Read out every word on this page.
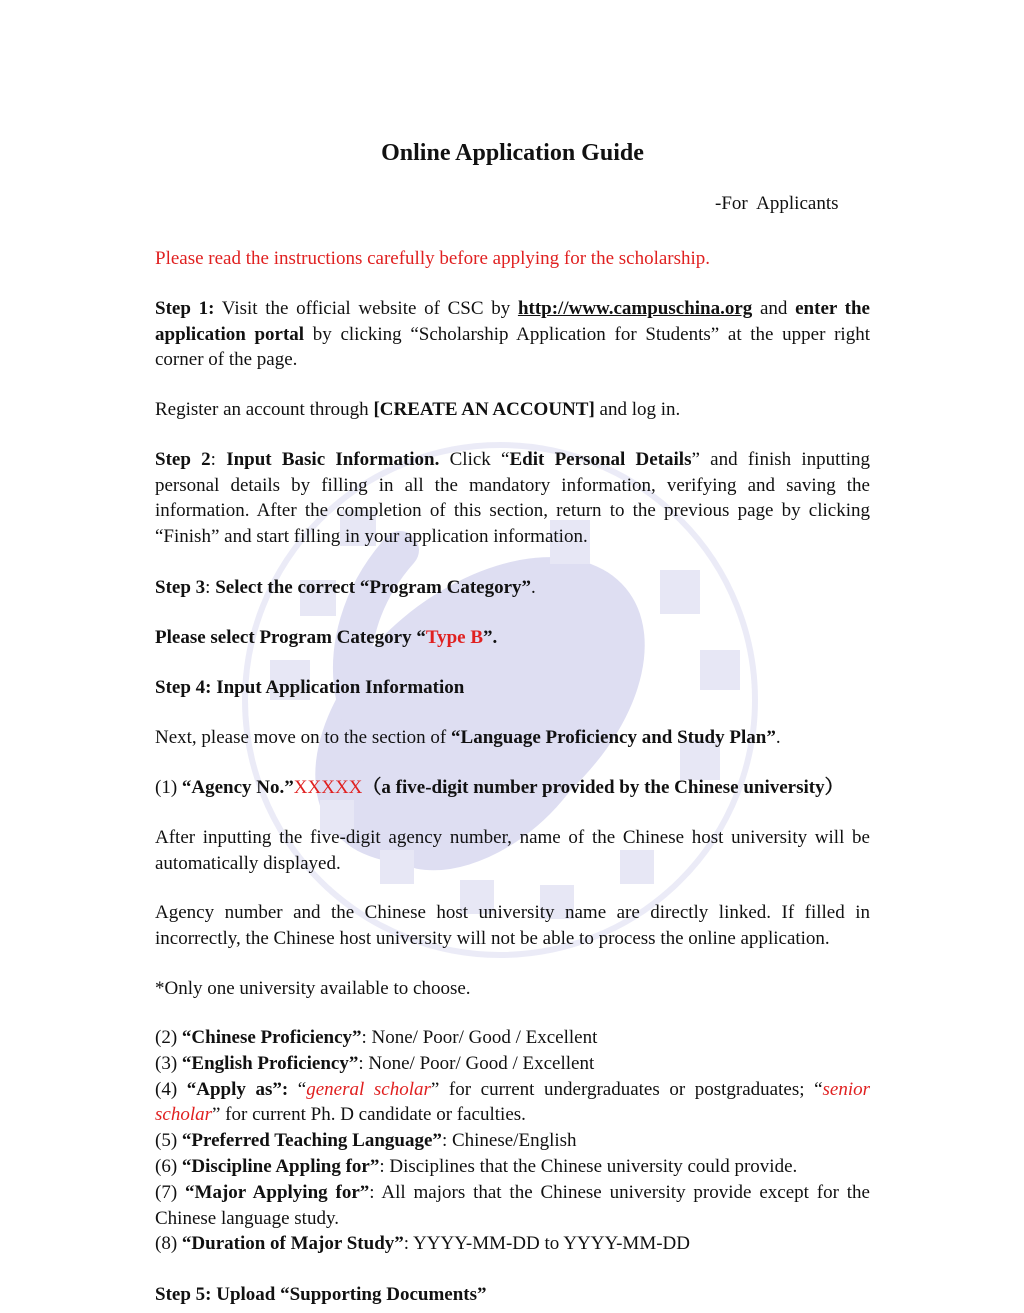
Online Application Guide
-For  Applicants

Please read the instructions carefully before applying for the scholarship.

Step 1: Visit the official website of CSC by http://www.campuschina.org and enter the application portal by clicking “Scholarship Application for Students” at the upper right corner of the page.

Register an account through [CREATE AN ACCOUNT] and log in.

Step 2: Input Basic Information. Click “Edit Personal Details” and finish inputting personal details by filling in all the mandatory information, verifying and saving the information. After the completion of this section, return to the previous page by clicking “Finish” and start filling in your application information.

Step 3: Select the correct “Program Category”.

Please select Program Category “Type B”.

Step 4: Input Application Information

Next, please move on to the section of “Language Proficiency and Study Plan”.

(1) “Agency No.”XXXXX（a five-digit number provided by the Chinese university）

After inputting the five-digit agency number, name of the Chinese host university will be automatically displayed.

Agency number and the Chinese host university name are directly linked. If filled in incorrectly, the Chinese host university will not be able to process the online application.

*Only one university available to choose.

(2) “Chinese Proficiency”: None/ Poor/ Good / Excellent
(3) “English Proficiency”: None/ Poor/ Good / Excellent
(4) “Apply as”: “general scholar” for current undergraduates or postgraduates; “senior scholar” for current Ph. D candidate or faculties.
(5) “Preferred Teaching Language”: Chinese/English
(6) “Discipline Appling for”: Disciplines that the Chinese university could provide.
(7) “Major Applying for”: All majors that the Chinese university provide except for the Chinese language study.
(8) “Duration of Major Study”: YYYY-MM-DD to YYYY-MM-DD

Step 5: Upload “Supporting Documents”
